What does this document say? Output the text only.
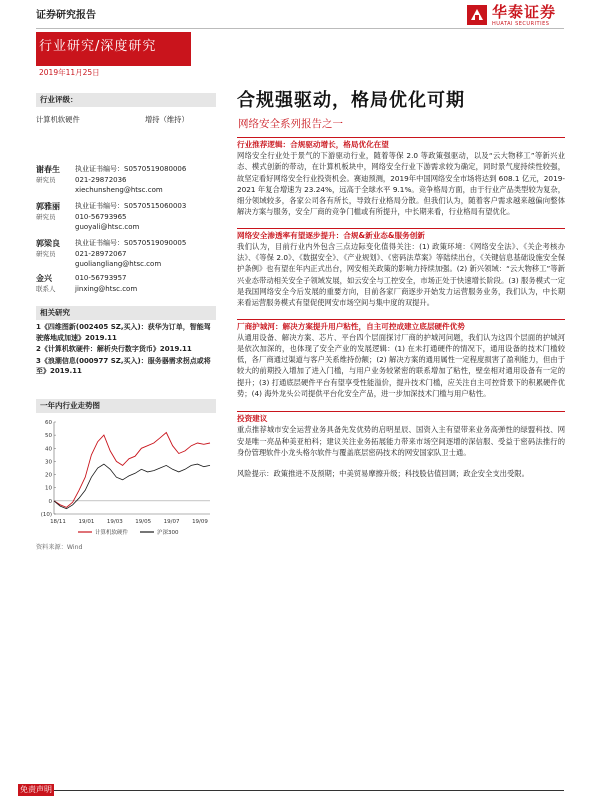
证券研究报告	华泰证券
HUATAI SECURITIES
行业研究/深度研究
2019年11月25日
行业评级：
计算机软硬件	增持（维持）
谢春生
研究员
执业证书编号：S0570519080006
021-29872036
xiechunsheng@htsc.com
郭雅丽
研究员
执业证书编号：S0570515060003
010-56793965
guoyali@htsc.com
郭梁良
研究员
执业证书编号：S0570519090005
021-28972067
guoliangliang@htsc.com
金兴
联系人
010-56793957
jinxing@htsc.com
相关研究
1《四维图新(002405 SZ,买入)：获华为订单，智能驾驶落地成加速》2019.11
2《计算机软硬件：解析央行数字货币》2019.11
3《浪潮信息(000977 SZ,买入)：服务器需求拐点或将至》2019.11
一年内行业走势图
60
50
40
30
20
10
0
(10)
18/11 19/01 19/03 19/05 19/07 19/09
计算机软硬件	沪深300
资料来源：Wind
合规强驱动，格局优化可期
网络安全系列报告之一
行业推荐逻辑：合规驱动增长，格局优化在望
网络安全行业处于景气的下游驱动行业，随着等保 2.0 等政策强驱动，以及“云大物移工”等新兴业态、模式创新的带动，在计算机板块中，网络安全行业下游需求较为确定，同时景气度持续性较强，故坚定看好网络安全行业投资机会。赛迪预测，2019年中国网络安全市场将达到 608.1 亿元，2019-2021 年复合增速为 23.24%，远高于全球水平 9.1%。竞争格局方面，由于行业产品类型较为复杂，细分领域较多，各家公司各有所长，导致行业格局分散。但我们认为，随着客户需求越来越偏向整体解决方案与服务，安全厂商的竞争门槛或有所提升，中长期来看，行业格局有望优化。
网络安全渗透率有望逐步提升：合规&新业态&服务创新
我们认为，目前行业内外包含三点边际变化值得关注：(1) 政策环境：《网络安全法》、《关企考核办法》、《等保 2.0》、《数据安全》、《产业规划》、《密码法草案》等陆续出台，《关键信息基础设施安全保护条例》也有望在年内正式出台，网安相关政策的影响力持续加强。(2) 新兴领域：“云大物移工”等新兴业态带动相关安全子领域发展，如云安全与工控安全，市场正处于快速增长阶段。(3) 服务模式一定是我国网络安全今后发展的重要方向，目前各家厂商逐步开始发力运营服务业务，我们认为，中长期来看运营服务模式有望促使网安市场空间与集中度的双提升。
厂商护城河：解决方案提升用户粘性，自主可控成建立底层硬件优势
从通用设备、解决方案、芯片、平台四个层面探讨厂商的护城河问题，我们认为这四个层面的护城河是依次加深的，也体现了安全产业的发展逻辑：(1) 在未打通硬件的情况下，通用设备的技术门槛较低，各厂商通过渠道与客户关系维持份额；(2) 解决方案的通用属性一定程度损害了盈利能力，但由于较大的前期投入增加了进入门槛，与用户业务较紧密的联系增加了粘性，壁垒相对通用设备有一定的提升；(3) 打通底层硬件平台有望享受性能溢价，提升技术门槛，应关注自主可控背景下的积累硬件优势；(4) 海外龙头公司提供平台化安全产品，进一步加深技术门槛与用户粘性。
投资建议
重点推荐城市安全运营业务具备先发优势的启明星辰、国资入主有望带来业务高弹性的绿盟科技、网安是唯一亮品种美亚柏科；建议关注业务拓展能力带来市场空间逐增的深信服、受益于密码法推行的身份管理软件小龙头格尔软件与覆盖底层密码技术的网安国家队卫士通。
风险提示：政策推进不及预期；中美贸易摩擦升级；科技股估值回调；政企安全支出受限。
免责声明
